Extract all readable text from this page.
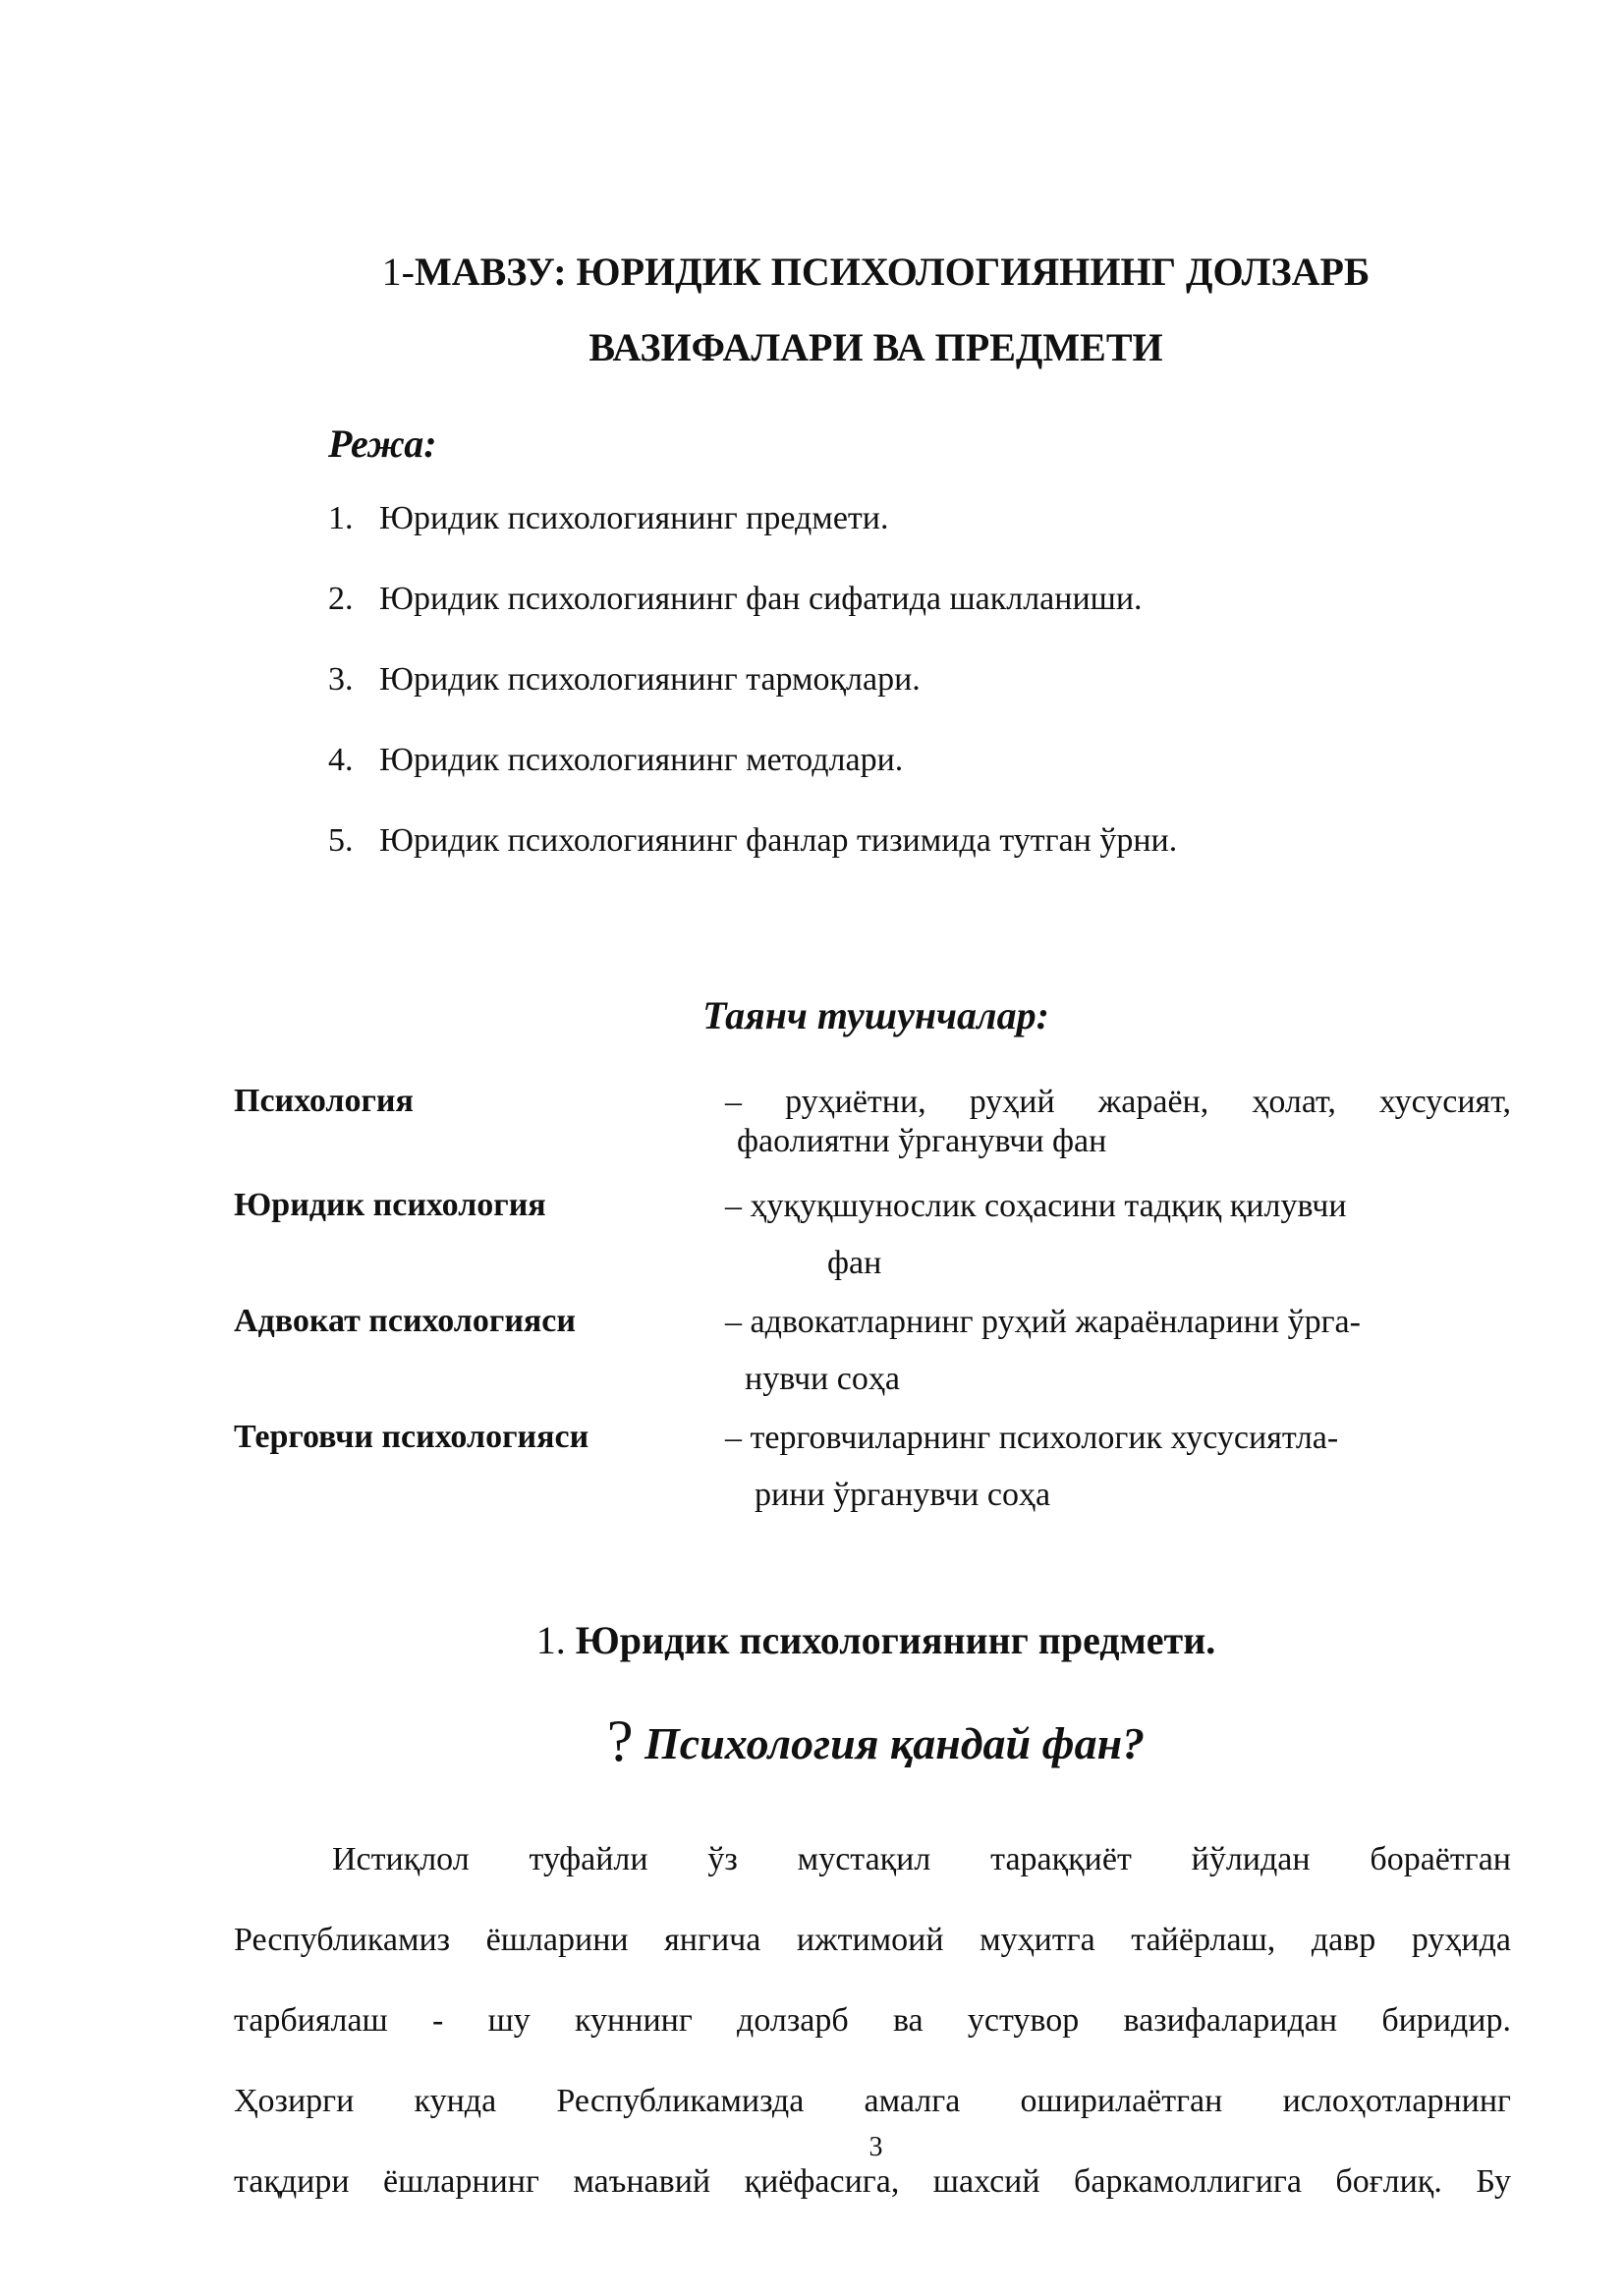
1-МАВЗУ: ЮРИДИК ПСИХОЛОГИЯНИНГ ДОЛЗАРБ
ВАЗИФАЛАРИ ВА ПРЕДМЕТИ
Режа:
1. Юридик психологиянинг предмети.
2. Юридик психологиянинг фан сифатида шаклланиши.
3. Юридик психологиянинг тармоқлари.
4. Юридик психологиянинг методлари.
5. Юридик психологиянинг фанлар тизимида тутган ўрни.
Таянч тушунчалар:
Психология	– руҳиётни, руҳий жараён, ҳолат, хусусият,
фаолиятни ўрганувчи фан
Юридик психология	– ҳуқуқшунослик соҳасини тадқиқ қилувчи
фан
Адвокат психологияси	– адвокатларнинг руҳий жараёнларини ўрга-
нувчи соҳа
Терговчи психологияси	– терговчиларнинг психологик хусусиятла-
рини ўрганувчи соҳа
1. Юридик психологиянинг предмети.
? Психология қандай фан?
Истиқлол туфайли ўз мустақил тараққиёт йўлидан бораётган
Республикамиз ёшларини янгича ижтимоий муҳитга тайёрлаш, давр руҳида
тарбиялаш - шу куннинг долзарб ва устувор вазифаларидан биридир.
Ҳозирги кунда Республикамизда амалга оширилаётган ислоҳотларнинг
тақдири ёшларнинг маънавий қиёфасига, шахсий баркамоллигига боғлиқ. Бу
3
